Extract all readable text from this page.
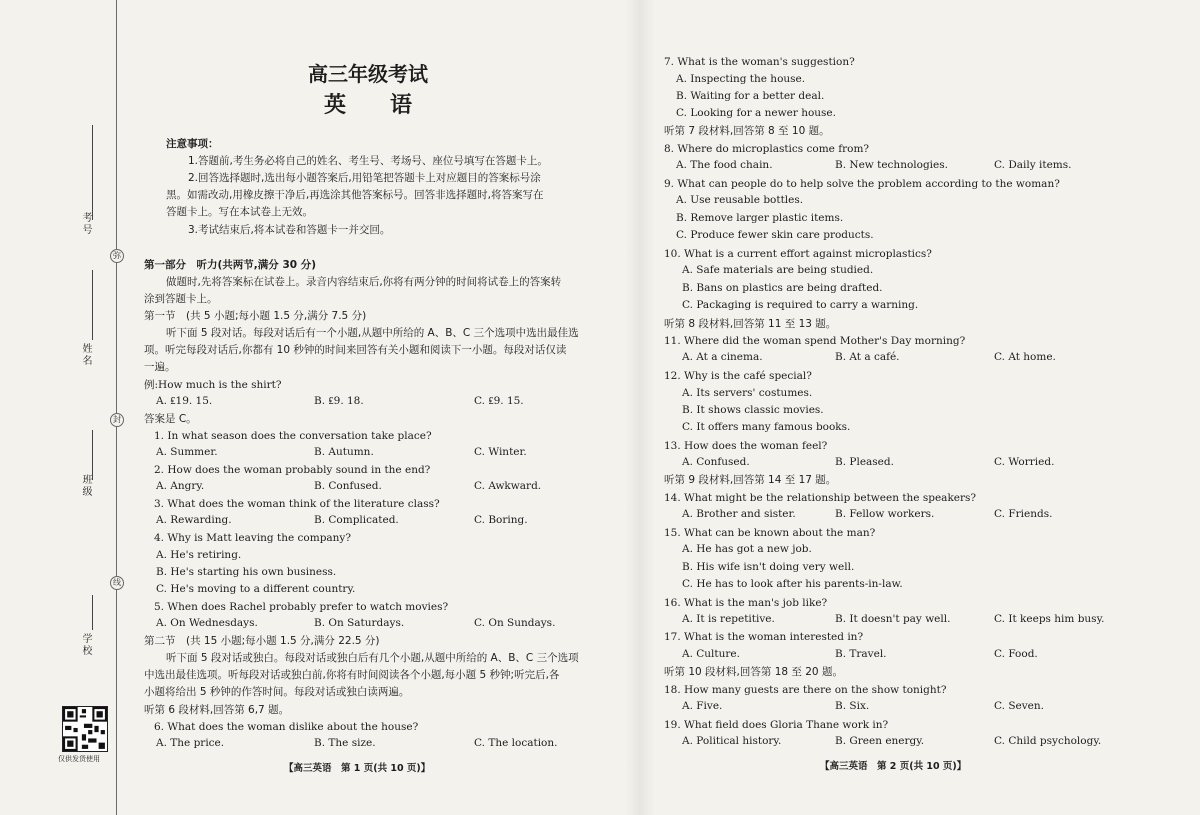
弥
封
线
考号
姓名
班级
学校
仅供发货使用
高三年级考试
英　　语
注意事项：
1.答题前,考生务必将自己的姓名、考生号、考场号、座位号填写在答题卡上。
2.回答选择题时,选出每小题答案后,用铅笔把答题卡上对应题目的答案标号涂
黑。如需改动,用橡皮擦干净后,再选涂其他答案标号。回答非选择题时,将答案写在
答题卡上。写在本试卷上无效。
3.考试结束后,将本试卷和答题卡一并交回。
第一部分　听力(共两节,满分 30 分)
做题时,先将答案标在试卷上。录音内容结束后,你将有两分钟的时间将试卷上的答案转
涂到答题卡上。
第一节　(共 5 小题;每小题 1.5 分,满分 7.5 分)
听下面 5 段对话。每段对话后有一个小题,从题中所给的 A、B、C 三个选项中选出最佳选
项。听完每段对话后,你都有 10 秒钟的时间来回答有关小题和阅读下一小题。每段对话仅读
一遍。
例:How much is the shirt?
A. ₤19. 15.	B. ₤9. 18.	C. ₤9. 15.
答案是 C。
1. In what season does the conversation take place?
A. Summer.	B. Autumn.	C. Winter.
2. How does the woman probably sound in the end?
A. Angry.	B. Confused.	C. Awkward.
3. What does the woman think of the literature class?
A. Rewarding.	B. Complicated.	C. Boring.
4. Why is Matt leaving the company?
A. He's retiring.
B. He's starting his own business.
C. He's moving to a different country.
5. When does Rachel probably prefer to watch movies?
A. On Wednesdays.	B. On Saturdays.	C. On Sundays.
第二节　(共 15 小题;每小题 1.5 分,满分 22.5 分)
听下面 5 段对话或独白。每段对话或独白后有几个小题,从题中所给的 A、B、C 三个选项
中选出最佳选项。听每段对话或独白前,你将有时间阅读各个小题,每小题 5 秒钟;听完后,各
小题将给出 5 秒钟的作答时间。每段对话或独白读两遍。
听第 6 段材料,回答第 6,7 题。
6. What does the woman dislike about the house?
A. The price.	B. The size.	C. The location.
【高三英语　第 1 页(共 10 页)】
7. What is the woman's suggestion?
A. Inspecting the house.
B. Waiting for a better deal.
C. Looking for a newer house.
听第 7 段材料,回答第 8 至 10 题。
8. Where do microplastics come from?
A. The food chain.	B. New technologies.	C. Daily items.
9. What can people do to help solve the problem according to the woman?
A. Use reusable bottles.
B. Remove larger plastic items.
C. Produce fewer skin care products.
10. What is a current effort against microplastics?
A. Safe materials are being studied.
B. Bans on plastics are being drafted.
C. Packaging is required to carry a warning.
听第 8 段材料,回答第 11 至 13 题。
11. Where did the woman spend Mother's Day morning?
A. At a cinema.	B. At a café.	C. At home.
12. Why is the café special?
A. Its servers' costumes.
B. It shows classic movies.
C. It offers many famous books.
13. How does the woman feel?
A. Confused.	B. Pleased.	C. Worried.
听第 9 段材料,回答第 14 至 17 题。
14. What might be the relationship between the speakers?
A. Brother and sister.	B. Fellow workers.	C. Friends.
15. What can be known about the man?
A. He has got a new job.
B. His wife isn't doing very well.
C. He has to look after his parents-in-law.
16. What is the man's job like?
A. It is repetitive.	B. It doesn't pay well.	C. It keeps him busy.
17. What is the woman interested in?
A. Culture.	B. Travel.	C. Food.
听第 10 段材料,回答第 18 至 20 题。
18. How many guests are there on the show tonight?
A. Five.	B. Six.	C. Seven.
19. What field does Gloria Thane work in?
A. Political history.	B. Green energy.	C. Child psychology.
【高三英语　第 2 页(共 10 页)】
